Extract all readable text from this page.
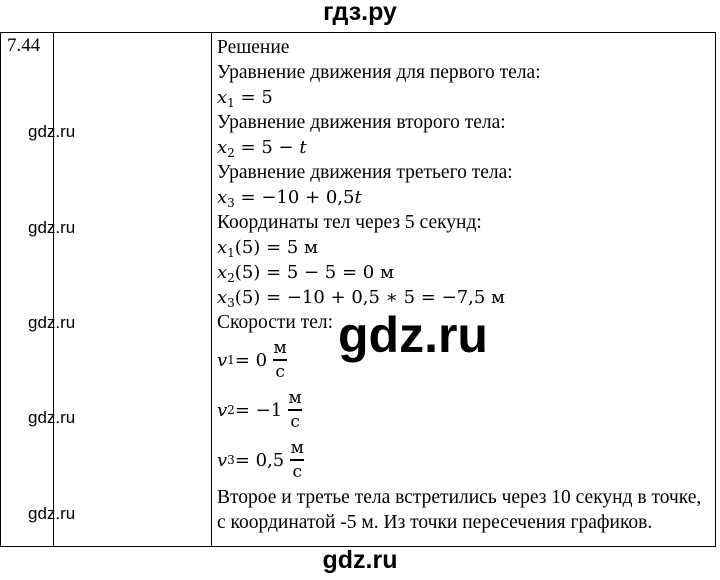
гдз.ру
7.44	Решение
Уравнение движения для первого тела:
$x_1 = 5$
Уравнение движения второго тела:
$x_2 = 5 - t$
Уравнение движения третьего тела:
$x_3 = -10 + 0,5t$
Координаты тел через 5 секунд:
$x_1(5) = 5$ м
$x_2(5) = 5 - 5 = 0$ м
$x_3(5) = -10 + 0,5$ ∗ 5 = −7,5 м
Скорости тел:
v $1 = 0 \frac{м}{с}$
v $2 = -1 \frac{м}{с}$
v $3 = 0,5 \frac{м}{с}$
Второе и третье тела встретились через 10 секунд в точке, с координатой -5 м. Из точки пересечения графиков.
gdz.ru
gdz.ru
gdz.ru
gdz.ru
gdz.ru
gdz.ru
gdz.ru
